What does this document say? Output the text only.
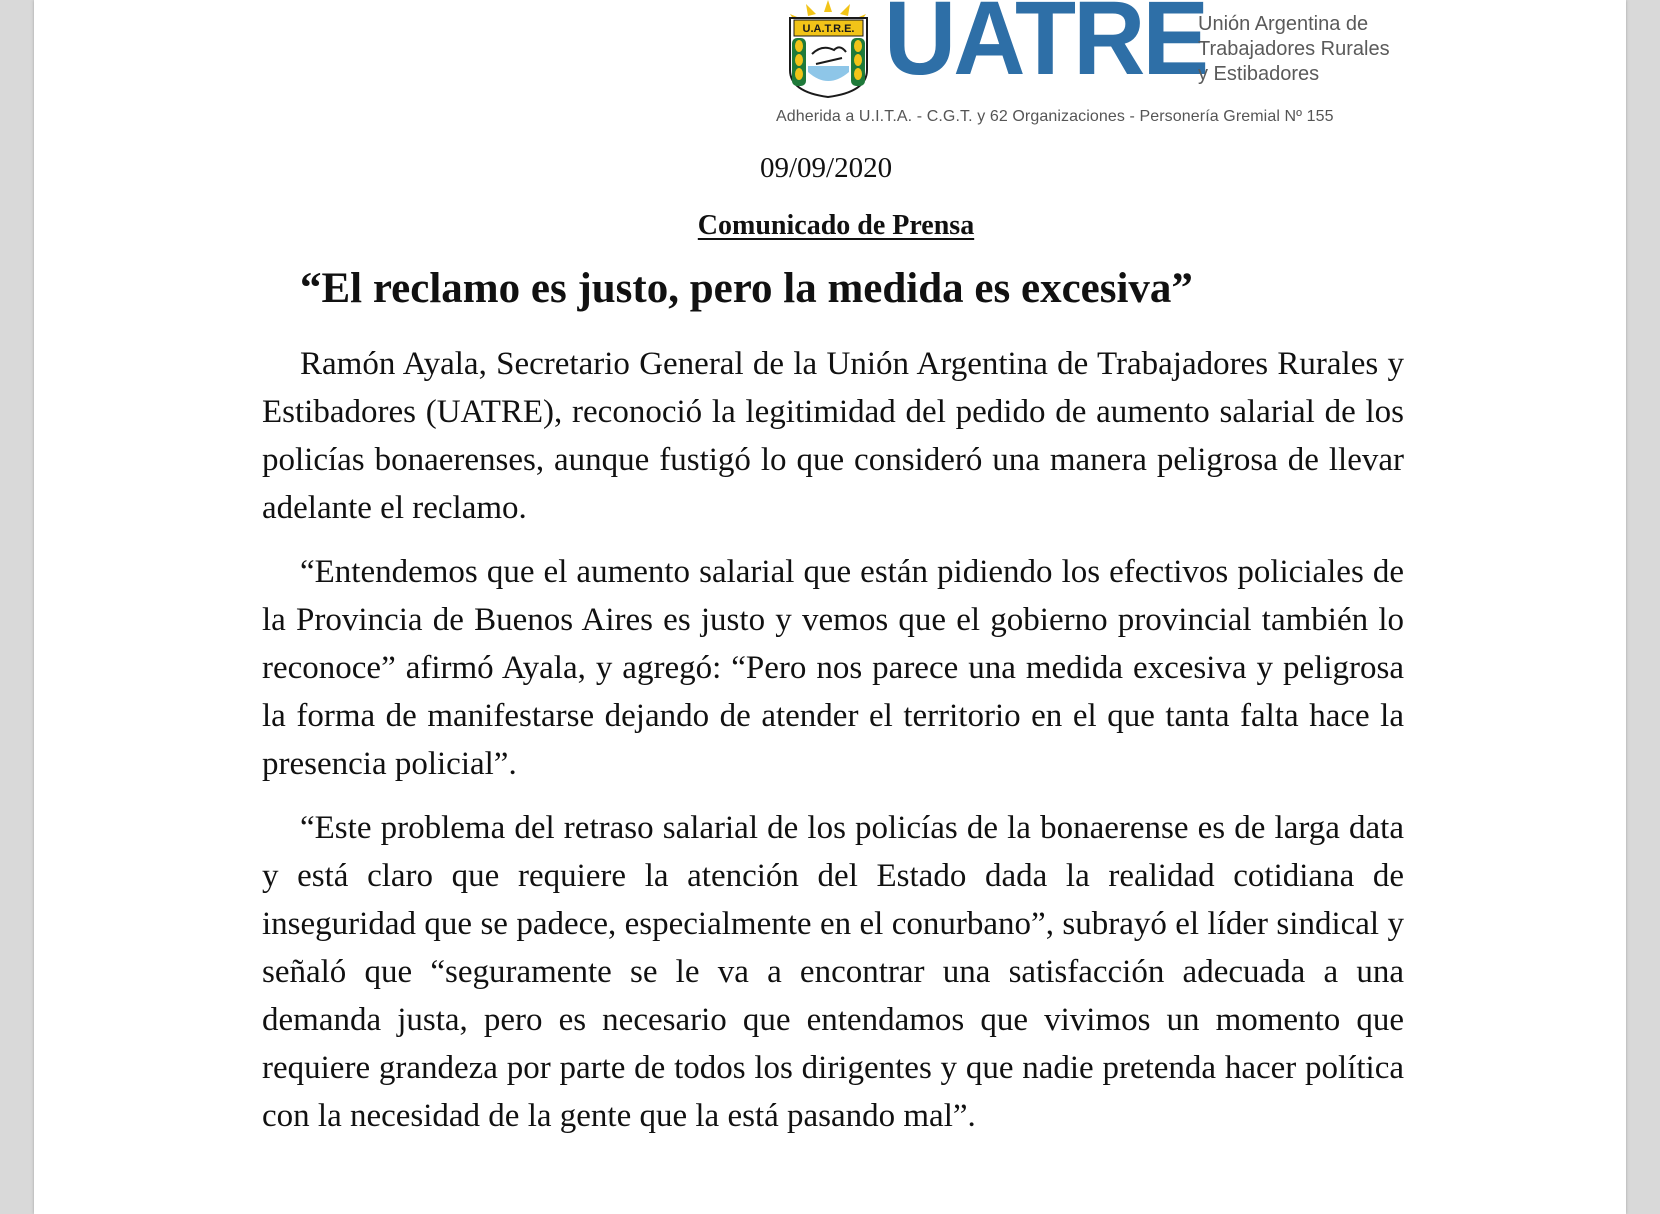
U.A.T.R.E. UATRE
Unión Argentina de
Trabajadores Rurales
y Estibadores
Adherida a U.I.T.A. - C.G.T. y 62 Organizaciones - Personería Gremial Nº 155
09/09/2020
Comunicado de Prensa
“El reclamo es justo, pero la medida es excesiva”

Ramón Ayala, Secretario General de la Unión Argentina de Trabajadores Rurales y Estibadores (UATRE), reconoció la legitimidad del pedido de aumento salarial de los policías bonaerenses, aunque fustigó lo que consideró una manera peligrosa de llevar adelante el reclamo.

“Entendemos que el aumento salarial que están pidiendo los efectivos policiales de la Provincia de Buenos Aires es justo y vemos que el gobierno provincial también lo reconoce” afirmó Ayala, y agregó: “Pero nos parece una medida excesiva y peligrosa la forma de manifestarse dejando de atender el territorio en el que tanta falta hace la presencia policial”.

“Este problema del retraso salarial de los policías de la bonaerense es de larga data y está claro que requiere la atención del Estado dada la realidad cotidiana de inseguridad que se padece, especialmente en el conurbano”, subrayó el líder sindical y señaló que “seguramente se le va a encontrar una satisfacción adecuada a una demanda justa, pero es necesario que entendamos que vivimos un momento que requiere grandeza por parte de todos los dirigentes y que nadie pretenda hacer política con la necesidad de la gente que la está pasando mal”.
